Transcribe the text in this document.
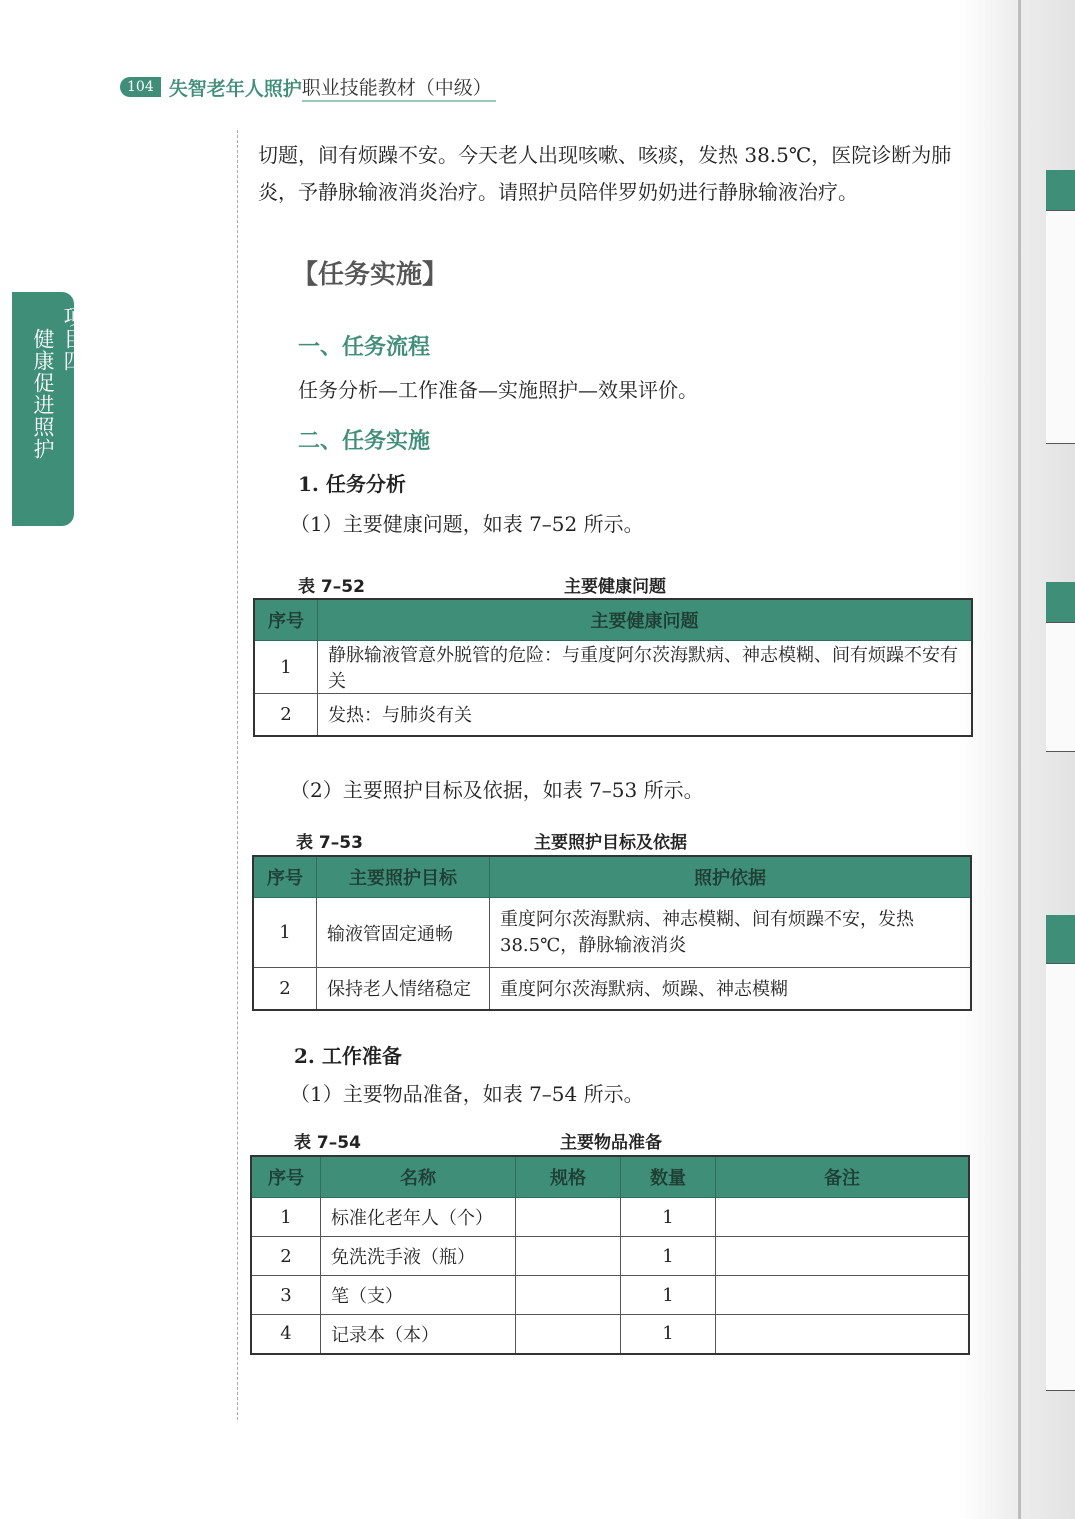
104 失智老年人照护 职业技能教材（中级）
项目四 健康促进照护
切题，间有烦躁不安。今天老人出现咳嗽、咳痰，发热 38.5℃，医院诊断为肺
炎，予静脉输液消炎治疗。请照护员陪伴罗奶奶进行静脉输液治疗。
【任务实施】
一、任务流程
任务分析—工作准备—实施照护—效果评价。
二、任务实施
1. 任务分析
（1）主要健康问题，如表 7–52 所示。
表 7–52	主要健康问题
序号	主要健康问题
1	静脉输液管意外脱管的危险：与重度阿尔茨海默病、神志模糊、间有烦躁不安有关
2	发热：与肺炎有关
（2）主要照护目标及依据，如表 7–53 所示。
表 7–53	主要照护目标及依据
序号	主要照护目标	照护依据
1	输液管固定通畅	重度阿尔茨海默病、神志模糊、间有烦躁不安，发热 38.5℃，静脉输液消炎
2	保持老人情绪稳定	重度阿尔茨海默病、烦躁、神志模糊
2. 工作准备
（1）主要物品准备，如表 7–54 所示。
表 7–54	主要物品准备
序号	名称	规格	数量	备注
1	标准化老年人（个）		1	
2	免洗洗手液（瓶）		1	
3	笔（支）		1	
4	记录本（本）		1	
